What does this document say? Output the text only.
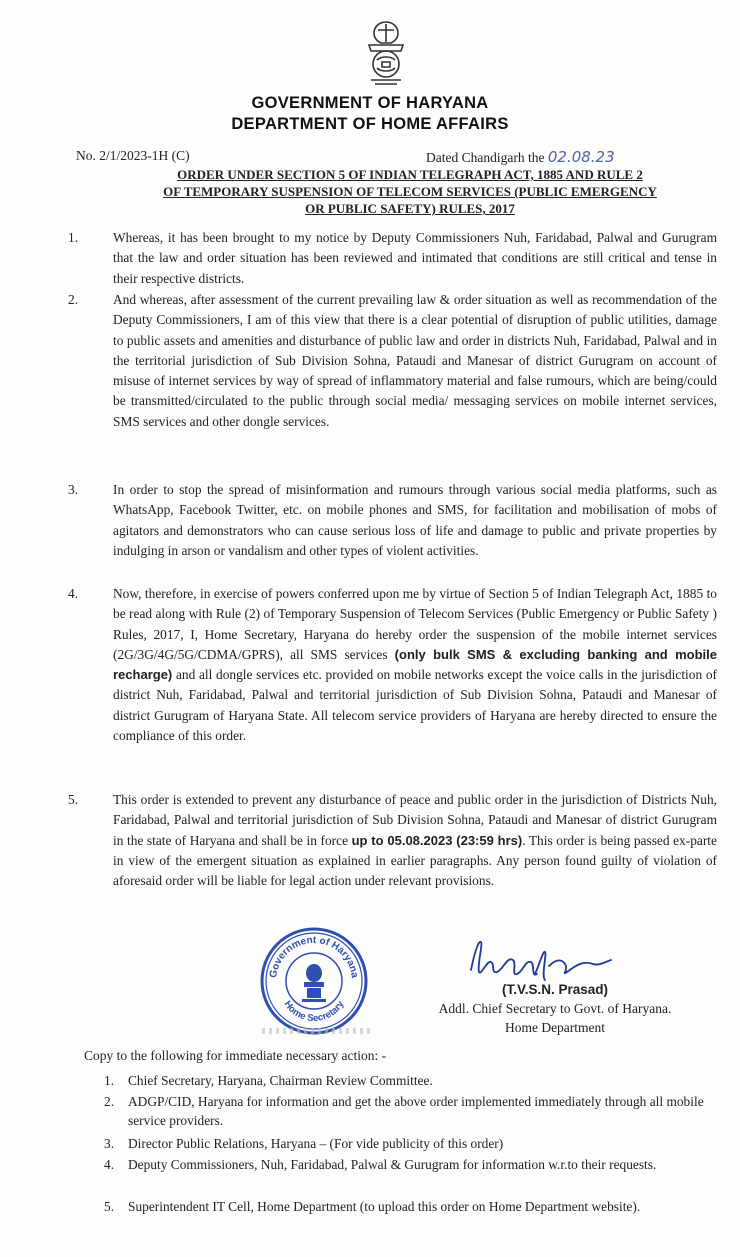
GOVERNMENT OF HARYANA
DEPARTMENT OF HOME AFFAIRS
No. 2/1/2023-1H (C)	Dated Chandigarh the 02.08.23
ORDER UNDER SECTION 5 OF INDIAN TELEGRAPH ACT, 1885 AND RULE 2
OF TEMPORARY SUSPENSION OF TELECOM SERVICES (PUBLIC EMERGENCY
OR PUBLIC SAFETY) RULES, 2017
1.	Whereas, it has been brought to my notice by Deputy Commissioners Nuh, Faridabad, Palwal and Gurugram that the law and order situation has been reviewed and intimated that conditions are still critical and tense in their respective districts.
2.	And whereas, after assessment of the current prevailing law & order situation as well as recommendation of the Deputy Commissioners, I am of this view that there is a clear potential of disruption of public utilities, damage to public assets and amenities and disturbance of public law and order in districts Nuh, Faridabad, Palwal and in the territorial jurisdiction of Sub Division Sohna, Pataudi and Manesar of district Gurugram on account of misuse of internet services by way of spread of inflammatory material and false rumours, which are being/could be transmitted/circulated to the public through social media/ messaging services on mobile internet services, SMS services and other dongle services.
3.	In order to stop the spread of misinformation and rumours through various social media platforms, such as WhatsApp, Facebook Twitter, etc. on mobile phones and SMS, for facilitation and mobilisation of mobs of agitators and demonstrators who can cause serious loss of life and damage to public and private properties by indulging in arson or vandalism and other types of violent activities.
4.	Now, therefore, in exercise of powers conferred upon me by virtue of Section 5 of Indian Telegraph Act, 1885 to be read along with Rule (2) of Temporary Suspension of Telecom Services (Public Emergency or Public Safety ) Rules, 2017, I, Home Secretary, Haryana do hereby order the suspension of the mobile internet services (2G/3G/4G/5G/CDMA/GPRS), all SMS services (only bulk SMS & excluding banking and mobile recharge) and all dongle services etc. provided on mobile networks except the voice calls in the jurisdiction of district Nuh, Faridabad, Palwal and territorial jurisdiction of Sub Division Sohna, Pataudi and Manesar of district Gurugram of Haryana State. All telecom service providers of Haryana are hereby directed to ensure the compliance of this order.
5.	This order is extended to prevent any disturbance of peace and public order in the jurisdiction of Districts Nuh, Faridabad, Palwal and territorial jurisdiction of Sub Division Sohna, Pataudi and Manesar of district Gurugram in the state of Haryana and shall be in force up to 05.08.2023 (23:59 hrs). This order is being passed ex-parte in view of the emergent situation as explained in earlier paragraphs. Any person found guilty of violation of aforesaid order will be liable for legal action under relevant provisions.
Government of Haryana
Home Secretary
(T.V.S.N. Prasad)
Addl. Chief Secretary to Govt. of Haryana.
Home Department
Copy to the following for immediate necessary action: -
1. Chief Secretary, Haryana, Chairman Review Committee.
2. ADGP/CID, Haryana for information and get the above order implemented immediately through all mobile service providers.
3. Director Public Relations, Haryana – (For vide publicity of this order)
4. Deputy Commissioners, Nuh, Faridabad, Palwal & Gurugram for information w.r.to their requests.
5. Superintendent IT Cell, Home Department (to upload this order on Home Department website).
